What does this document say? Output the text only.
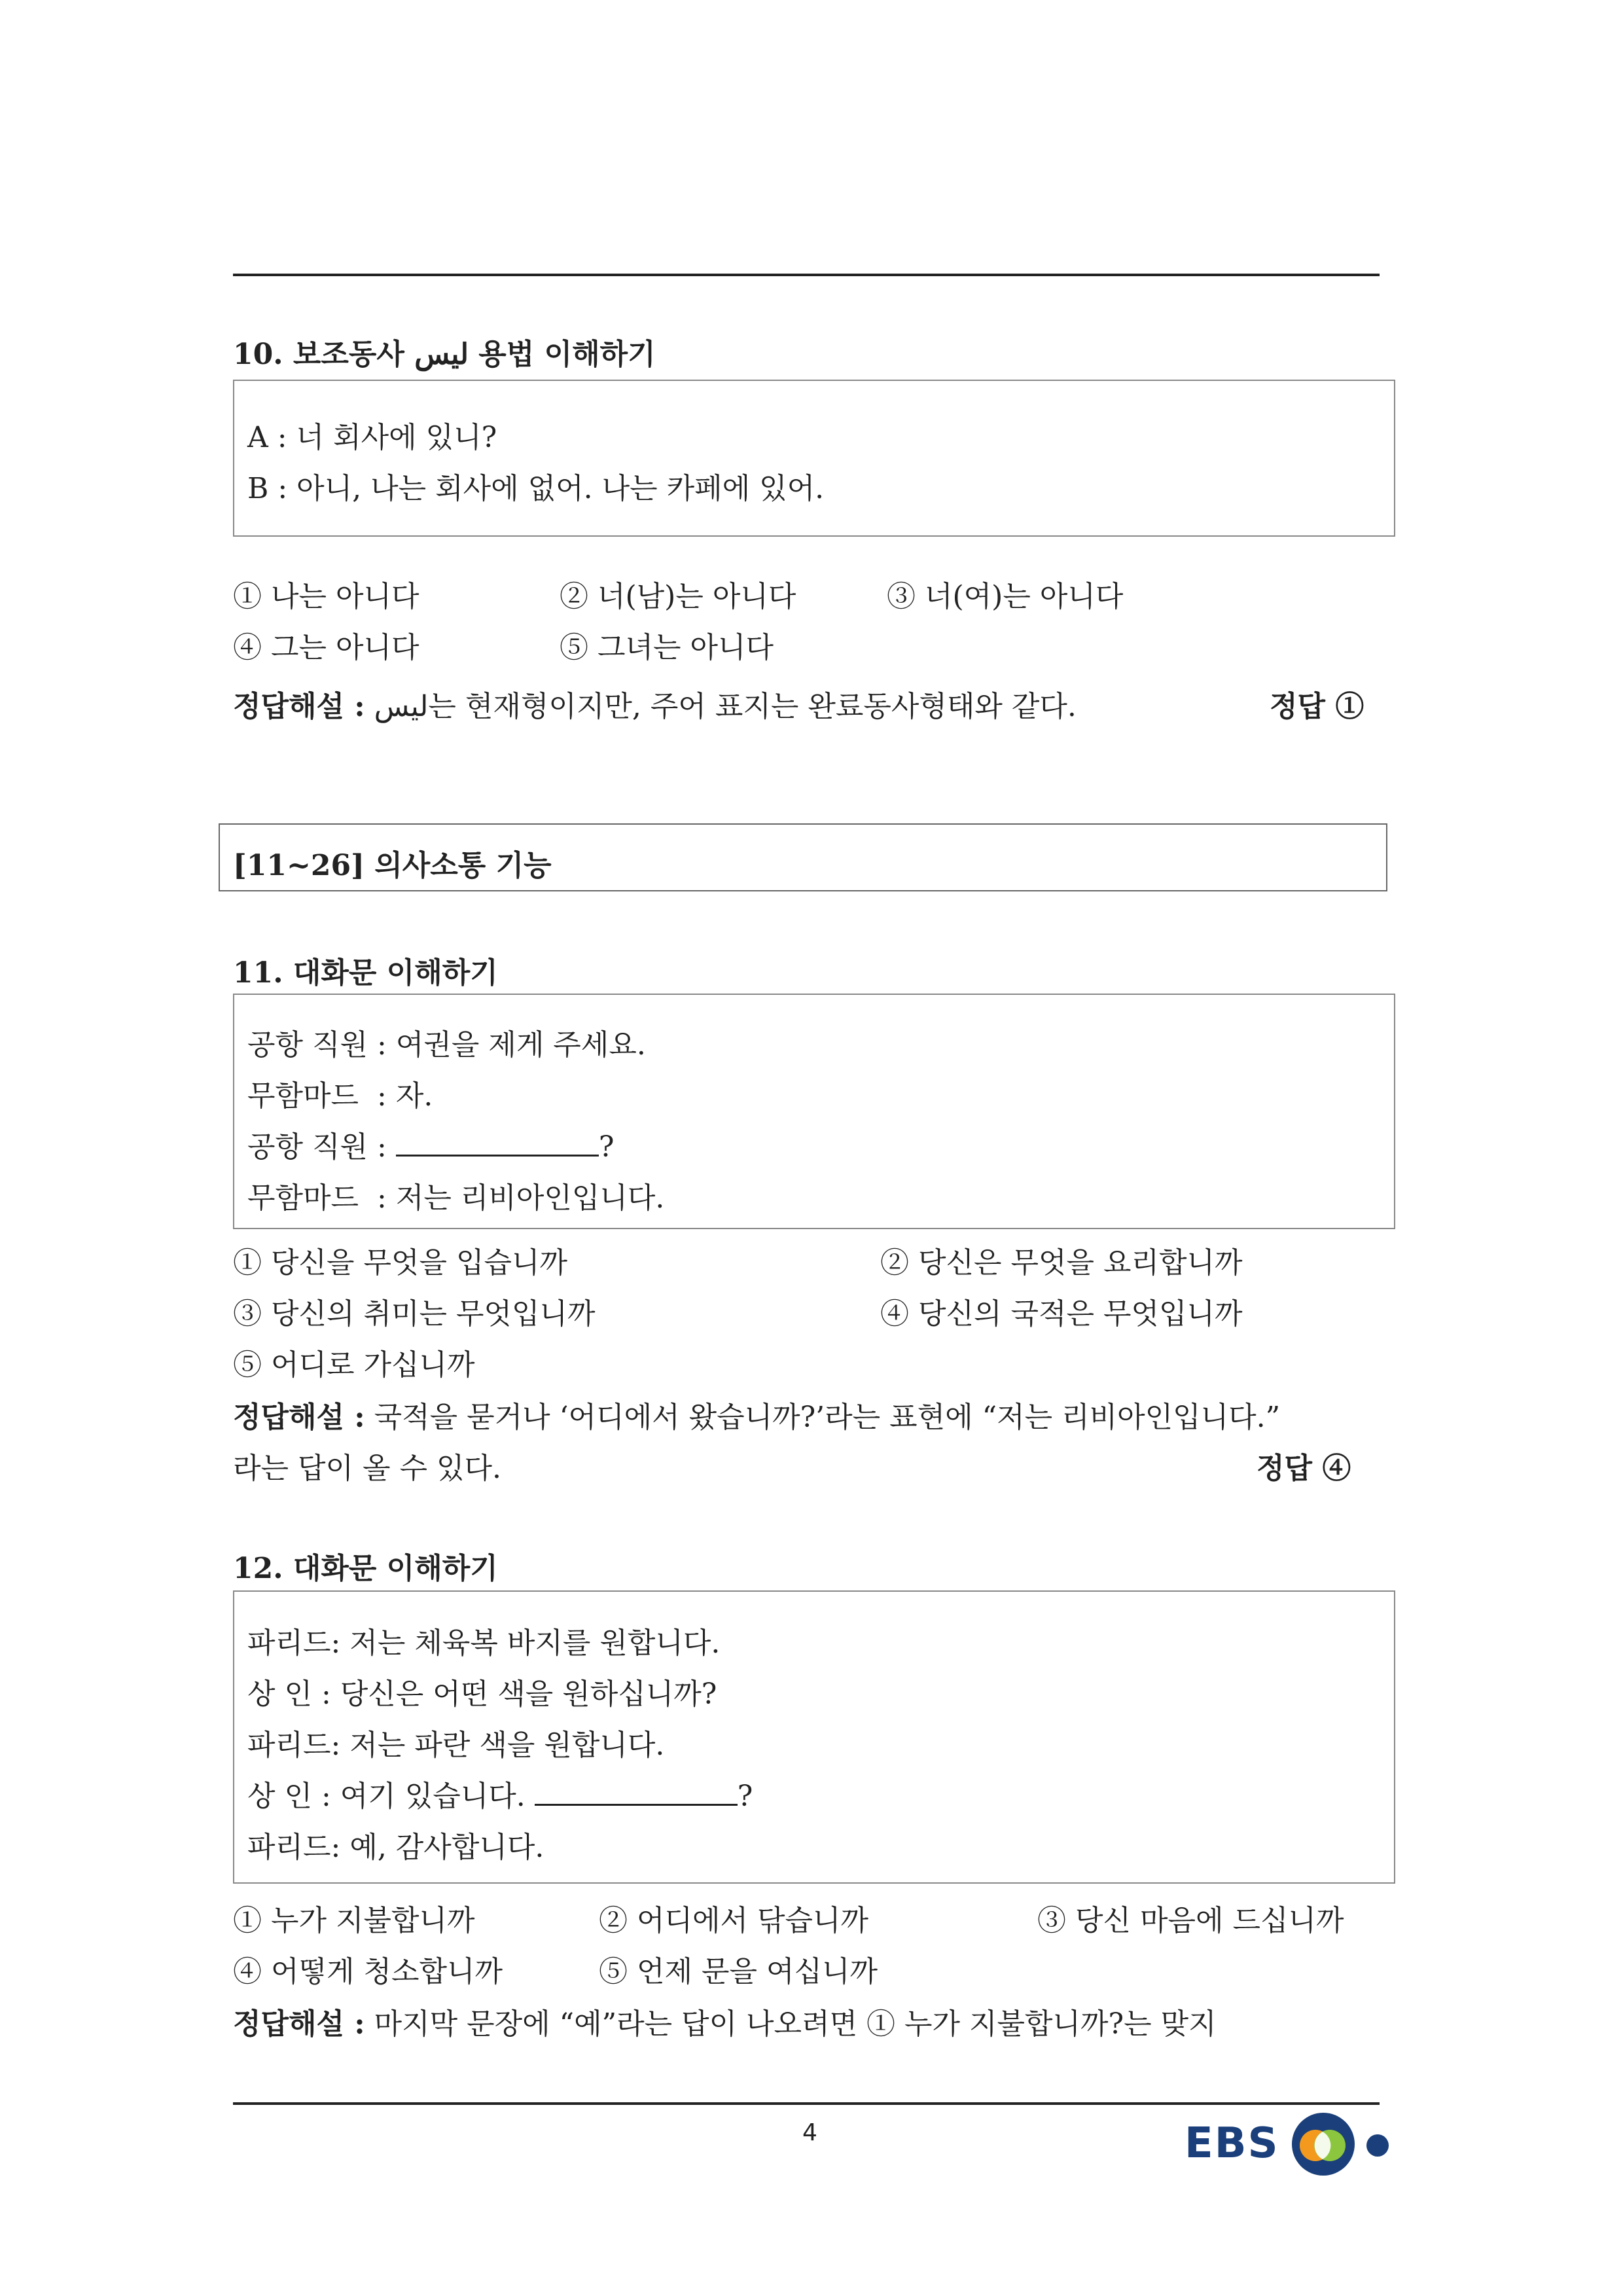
10. 보조동사 ليس 용법 이해하기
A : 너 회사에 있니?
B : 아니, 나는 회사에 없어. 나는 카페에 있어.
① 나는 아니다	② 너(남)는 아니다	③ 너(여)는 아니다
④ 그는 아니다	⑤ 그녀는 아니다
정답해설 : ليس는 현재형이지만, 주어 표지는 완료동사형태와 같다.	정답 ①
[11~26] 의사소통 기능
11. 대화문 이해하기
공항 직원 : 여권을 제게 주세요.
무함마드  : 자.
공항 직원 :	?
무함마드  : 저는 리비아인입니다.
① 당신을 무엇을 입습니까	② 당신은 무엇을 요리합니까
③ 당신의 취미는 무엇입니까	④ 당신의 국적은 무엇입니까
⑤ 어디로 가십니까
정답해설 : 국적을 묻거나 ‘어디에서 왔습니까?’라는 표현에 “저는 리비아인입니다.”
라는 답이 올 수 있다.	정답 ④
12. 대화문 이해하기
파리드: 저는 체육복 바지를 원합니다.
상 인 : 당신은 어떤 색을 원하십니까?
파리드: 저는 파란 색을 원합니다.
상 인 : 여기 있습니다.	?
파리드: 예, 감사합니다.
① 누가 지불합니까	② 어디에서 닦습니까	③ 당신 마음에 드십니까
④ 어떻게 청소합니까	⑤ 언제 문을 여십니까
정답해설 : 마지막 문장에 “예”라는 답이 나오려면 ① 누가 지불합니까?는 맞지
4	EBS
